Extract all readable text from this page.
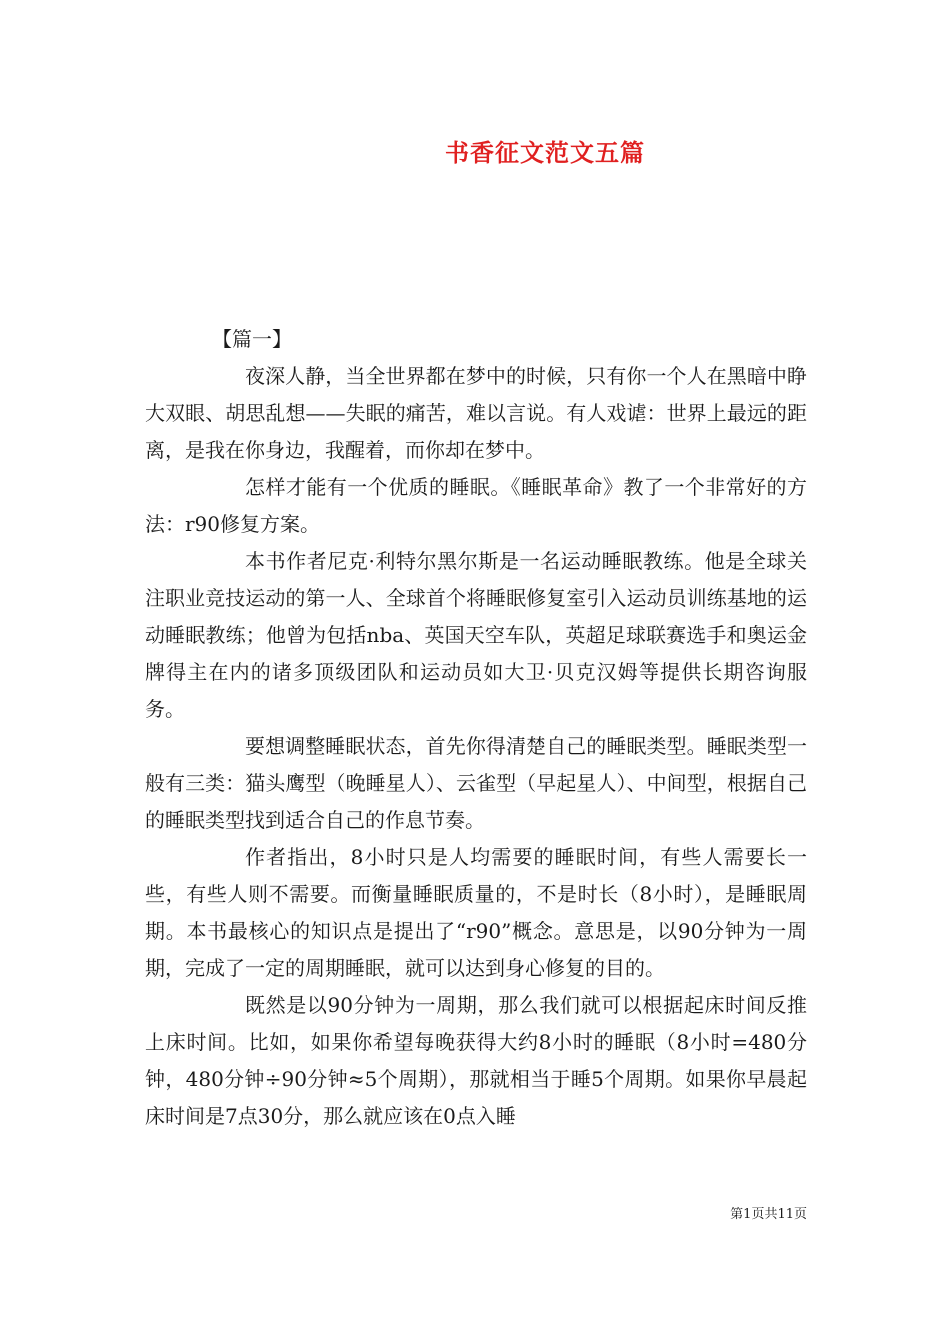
书香征文范文五篇

【篇一】

夜深人静，当全世界都在梦中的时候，只有你一个人在黑暗中睁大双眼、胡思乱想——失眠的痛苦，难以言说。有人戏谑：世界上最远的距离，是我在你身边，我醒着，而你却在梦中。

怎样才能有一个优质的睡眠。《睡眠革命》教了一个非常好的方法：r90修复方案。

本书作者尼克·利特尔黑尔斯是一名运动睡眠教练。他是全球关注职业竞技运动的第一人、全球首个将睡眠修复室引入运动员训练基地的运动睡眠教练；他曾为包括nba、英国天空车队，英超足球联赛选手和奥运金牌得主在内的诸多顶级团队和运动员如大卫·贝克汉姆等提供长期咨询服务。

要想调整睡眠状态，首先你得清楚自己的睡眠类型。睡眠类型一般有三类：猫头鹰型（晚睡星人）、云雀型（早起星人）、中间型，根据自己的睡眠类型找到适合自己的作息节奏。

作者指出，8小时只是人均需要的睡眠时间，有些人需要长一些，有些人则不需要。而衡量睡眠质量的，不是时长（8小时），是睡眠周期。本书最核心的知识点是提出了“r90”概念。意思是，以90分钟为一周期，完成了一定的周期睡眠，就可以达到身心修复的目的。

既然是以90分钟为一周期，那么我们就可以根据起床时间反推上床时间。比如，如果你希望每晚获得大约8小时的睡眠（8小时=480分钟，480分钟÷90分钟≈5个周期），那就相当于睡5个周期。如果你早晨起床时间是7点30分，那么就应该在0点入睡

第1页共11页
